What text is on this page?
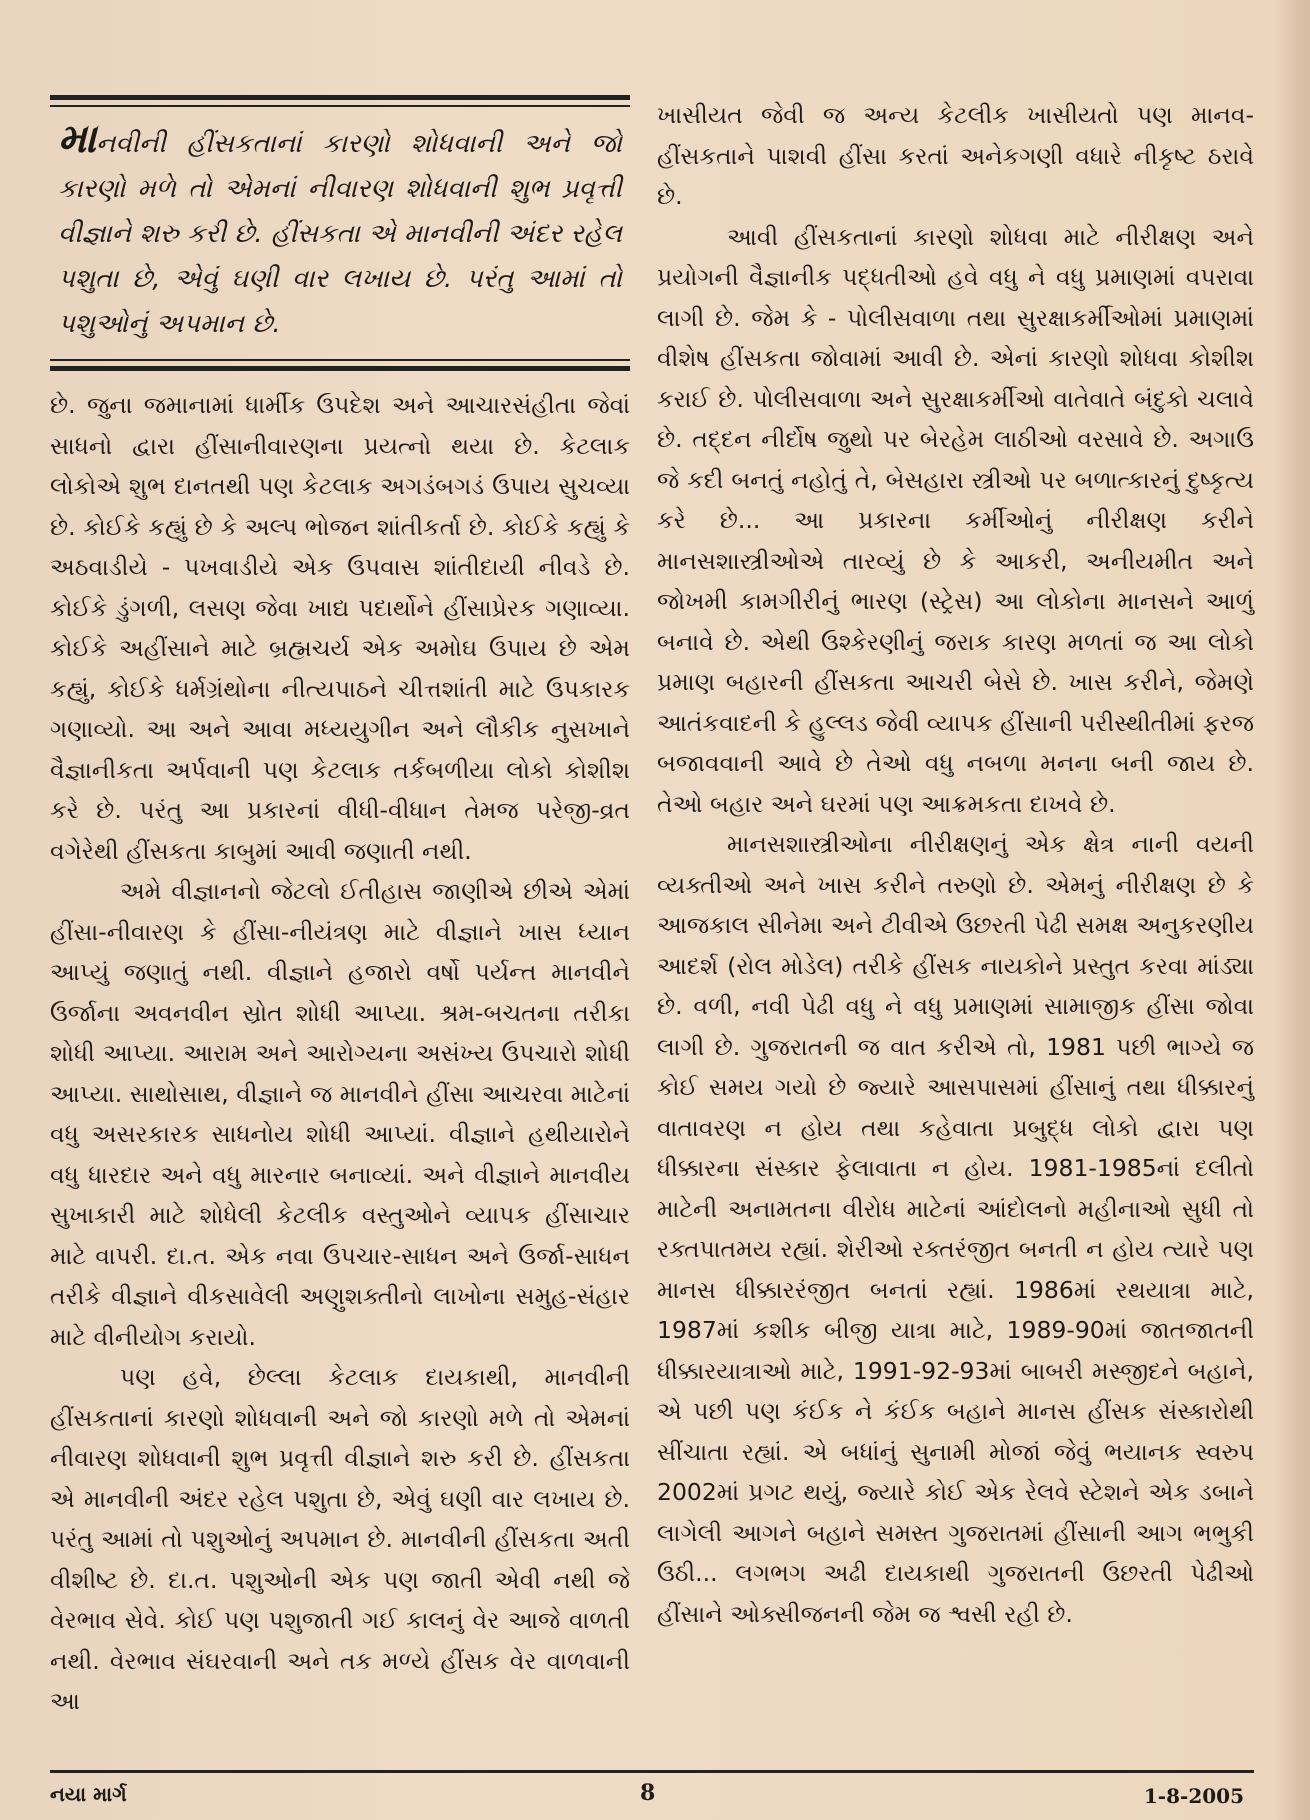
માનવીની હીંસકતાનાં કારણો શોધવાની અને જો કારણો મળે તો એમનાં નીવારણ શોધવાની શુભ પ્રવૃત્તી વીજ્ઞાને શરુ કરી છે. હીંસકતા એ માનવીની અંદર રહેલ પશુતા છે, એવું ઘણી વાર લખાય છે. પરંતુ આમાં તો પશુઓનું અપમાન છે.

છે. જુના જમાનામાં ધાર્મીક ઉપદેશ અને આચારસંહીતા જેવાં સાધનો દ્વારા હીંસાનીવારણના પ્રયત્નો થયા છે. કેટલાક લોકોએ શુભ દાનતથી પણ કેટલાક અગડંબગડં ઉપાય સુચવ્યા છે. કોઈકે કહ્યું છે કે અલ્પ ભોજન શાંતીકર્તા છે. કોઈકે કહ્યું કે અઠવાડીયે - પખવાડીયે એક ઉપવાસ શાંતીદાયી નીવડે છે. કોઈકે ડુંગળી, લસણ જેવા ખાદ્ય પદાર્થોને હીંસાપ્રેરક ગણાવ્યા. કોઈકે અહીંસાને માટે બ્રહ્મચર્ય એક અમોઘ ઉપાય છે એમ કહ્યું, કોઈકે ધર્મગ્રંથોના નીત્યપાઠને ચીત્તશાંતી માટે ઉપકારક ગણાવ્યો. આ અને આવા મધ્યયુગીન અને લૌકીક નુસખાને વૈજ્ઞાનીકતા અર્પવાની પણ કેટલાક તર્કબળીયા લોકો કોશીશ કરે છે. પરંતુ આ પ્રકારનાં વીધી-વીધાન તેમજ પરેજી-વ્રત વગેરેથી હીંસકતા કાબુમાં આવી જણાતી નથી.

અમે વીજ્ઞાનનો જેટલો ઈતીહાસ જાણીએ છીએ એમાં હીંસા-નીવારણ કે હીંસા-નીયંત્રણ માટે વીજ્ઞાને ખાસ ધ્યાન આપ્યું જણાતું નથી. વીજ્ઞાને હજારો વર્ષો પર્યન્ત માનવીને ઉર્જાના અવનવીન સ્રોત શોધી આપ્યા. શ્રમ-બચતના તરીકા શોધી આપ્યા. આરામ અને આરોગ્યના અસંખ્ય ઉપચારો શોધી આપ્યા. સાથોસાથ, વીજ્ઞાને જ માનવીને હીંસા આચરવા માટેનાં વધુ અસરકારક સાધનોય શોધી આપ્યાં. વીજ્ઞાને હથીયારોને વધુ ધારદાર અને વધુ મારનાર બનાવ્યાં. અને વીજ્ઞાને માનવીય સુખાકારી માટે શોધેલી કેટલીક વસ્તુઓને વ્યાપક હીંસાચાર માટે વાપરી. દા.ત. એક નવા ઉપચાર-સાધન અને ઉર્જા-સાધન તરીકે વીજ્ઞાને વીકસાવેલી અણુશક્તીનો લાખોના સમુહ-સંહાર માટે વીનીયોગ કરાયો.

પણ હવે, છેલ્લા કેટલાક દાયકાથી, માનવીની હીંસકતાનાં કારણો શોધવાની અને જો કારણો મળે તો એમનાં નીવારણ શોધવાની શુભ પ્રવૃત્તી વીજ્ઞાને શરુ કરી છે. હીંસકતા એ માનવીની અંદર રહેલ પશુતા છે, એવું ઘણી વાર લખાય છે. પરંતુ આમાં તો પશુઓનું અપમાન છે. માનવીની હીંસકતા અતી વીશીષ્ટ છે. દા.ત. પશુઓની એક પણ જાતી એવી નથી જે વેરભાવ સેવે. કોઈ પણ પશુજાતી ગઈ કાલનું વેર આજે વાળતી નથી. વેરભાવ સંઘરવાની અને તક મળ્યે હીંસક વેર વાળવાની આ

ખાસીયત જેવી જ અન્ય કેટલીક ખાસીયતો પણ માનવ-હીંસકતાને પાશવી હીંસા કરતાં અનેકગણી વધારે નીકૃષ્ટ ઠરાવે છે.

આવી હીંસકતાનાં કારણો શોધવા માટે નીરીક્ષણ અને પ્રયોગની વૈજ્ઞાનીક પદ્ધતીઓ હવે વધુ ને વધુ પ્રમાણમાં વપરાવા લાગી છે. જેમ કે - પોલીસવાળા તથા સુરક્ષાકર્મીઓમાં પ્રમાણમાં વીશેષ હીંસકતા જોવામાં આવી છે. એનાં કારણો શોધવા કોશીશ કરાઈ છે. પોલીસવાળા અને સુરક્ષાકર્મીઓ વાતેવાતે બંદુકો ચલાવે છે. તદ્દન નીર્દોષ જુથો પર બેરહેમ લાઠીઓ વરસાવે છે. અગાઉ જે કદી બનતું નહોતું તે, બેસહારા સ્ત્રીઓ પર બળાત્કારનું દુષ્કૃત્ય કરે છે... આ પ્રકારના કર્મીઓનું નીરીક્ષણ કરીને માનસશાસ્ત્રીઓએ તારવ્યું છે કે આકરી, અનીયમીત અને જોખમી કામગીરીનું ભારણ (સ્ટ્રેસ) આ લોકોના માનસને આળું બનાવે છે. એથી ઉશ્કેરણીનું જરાક કારણ મળતાં જ આ લોકો પ્રમાણ બહારની હીંસકતા આચરી બેસે છે. ખાસ કરીને, જેમણે આતંકવાદની કે હુલ્લડ જેવી વ્યાપક હીંસાની પરીસ્થીતીમાં ફરજ બજાવવાની આવે છે તેઓ વધુ નબળા મનના બની જાય છે. તેઓ બહાર અને ઘરમાં પણ આક્રમકતા દાખવે છે.

માનસશાસ્ત્રીઓના નીરીક્ષણનું એક ક્ષેત્ર નાની વયની વ્યક્તીઓ અને ખાસ કરીને તરુણો છે. એમનું નીરીક્ષણ છે કે આજકાલ સીનેમા અને ટીવીએ ઉછરતી પેઢી સમક્ષ અનુકરણીય આદર્શ (રોલ મોડેલ) તરીકે હીંસક નાયકોને પ્રસ્તુત કરવા માંડ્યા છે. વળી, નવી પેઢી વધુ ને વધુ પ્રમાણમાં સામાજીક હીંસા જોવા લાગી છે. ગુજરાતની જ વાત કરીએ તો, 1981 પછી ભાગ્યે જ કોઈ સમય ગયો છે જ્યારે આસપાસમાં હીંસાનું તથા ધીક્કારનું વાતાવરણ ન હોય તથા કહેવાતા પ્રબુદ્ધ લોકો દ્વારા પણ ધીક્કારના સંસ્કાર ફેલાવાતા ન હોય. 1981-1985નાં દલીતો માટેની અનામતના વીરોધ માટેનાં આંદોલનો મહીનાઓ સુધી તો રક્તપાતમય રહ્યાં. શેરીઓ રક્તરંજીત બનતી ન હોય ત્યારે પણ માનસ ધીક્કારરંજીત બનતાં રહ્યાં. 1986માં રથયાત્રા માટે, 1987માં કશીક બીજી યાત્રા માટે, 1989-90માં જાતજાતની ધીક્કારયાત્રાઓ માટે, 1991-92-93માં બાબરી મસ્જીદને બહાને, એ પછી પણ કંઈક ને કંઈક બહાને માનસ હીંસક સંસ્કારોથી સીંચાતા રહ્યાં. એ બધાંનું સુનામી મોજાં જેવું ભયાનક સ્વરુપ 2002માં પ્રગટ થયું, જ્યારે કોઈ એક રેલવે સ્ટેશને એક ડબાને લાગેલી આગને બહાને સમસ્ત ગુજરાતમાં હીંસાની આગ ભભુકી ઉઠી... લગભગ અઢી દાયકાથી ગુજરાતની ઉછરતી પેઢીઓ હીંસાને ઓક્સીજનની જેમ જ શ્વસી રહી છે.

નયા માર્ગ	8	1-8-2005
